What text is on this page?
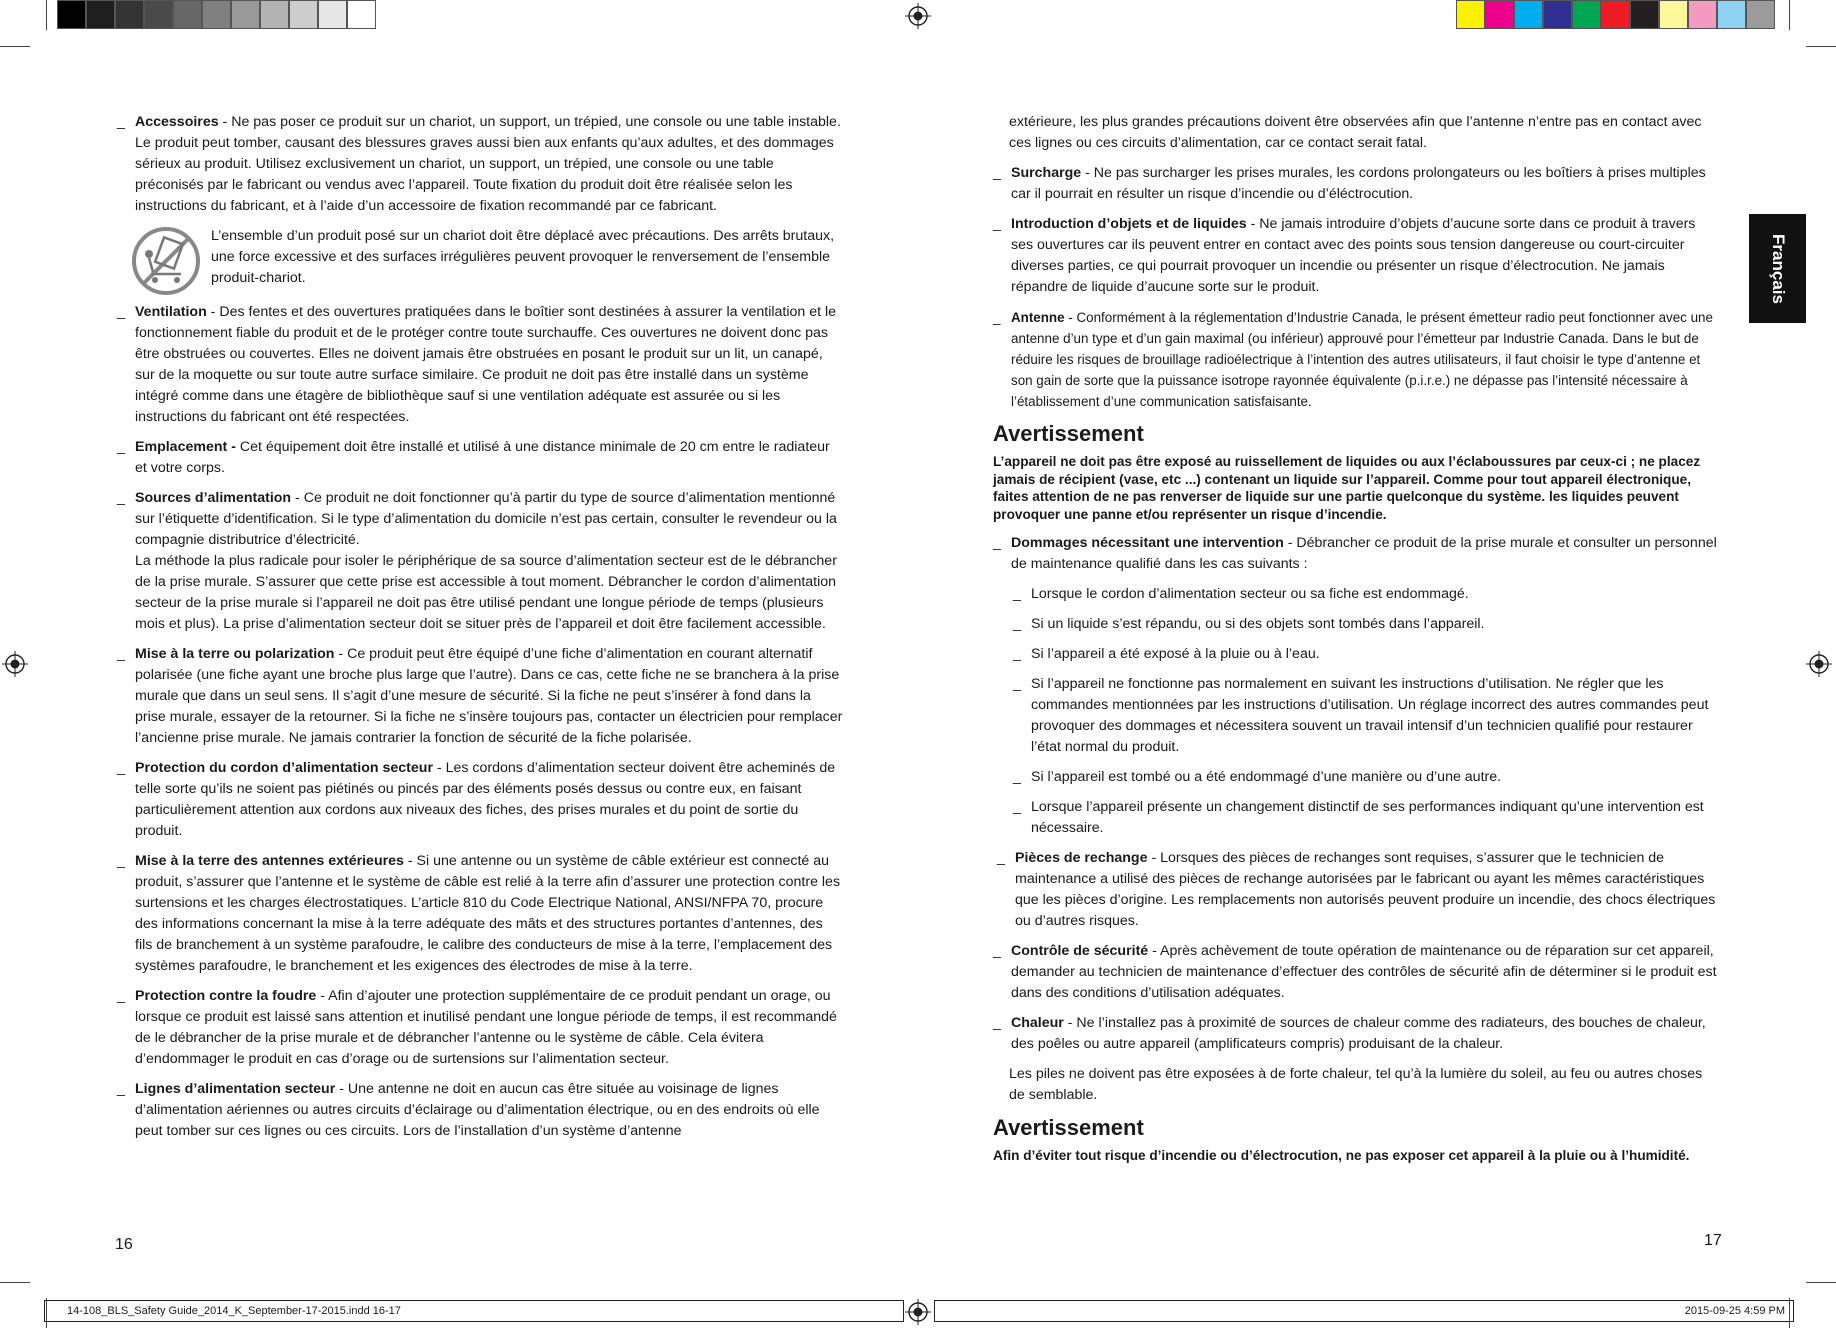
_ Accessoires - Ne pas poser ce produit sur un chariot, un support, un trépied, une console ou une table instable. Le produit peut tomber, causant des blessures graves aussi bien aux enfants qu’aux adultes, et des dommages sérieux au produit. Utilisez exclusivement un chariot, un support, un trépied, une console ou une table préconisés par le fabricant ou vendus avec l’appareil. Toute fixation du produit doit être réalisée selon les instructions du fabricant, et à l’aide d’un accessoire de fixation recommandé par ce fabricant.

L’ensemble d’un produit posé sur un chariot doit être déplacé avec précautions. Des arrêts brutaux, une force excessive et des surfaces irrégulières peuvent provoquer le renversement de l’ensemble produit-chariot.

_ Ventilation - Des fentes et des ouvertures pratiquées dans le boîtier sont destinées à assurer la ventilation et le fonctionnement fiable du produit et de le protéger contre toute surchauffe. Ces ouvertures ne doivent donc pas être obstruées ou couvertes. Elles ne doivent jamais être obstruées en posant le produit sur un lit, un canapé, sur de la moquette ou sur toute autre surface similaire. Ce produit ne doit pas être installé dans un système intégré comme dans une étagère de bibliothèque sauf si une ventilation adéquate est assurée ou si les instructions du fabricant ont été respectées.

_ Emplacement - Cet équipement doit être installé et utilisé à une distance minimale de 20 cm entre le radiateur et votre corps.

_ Sources d’alimentation - Ce produit ne doit fonctionner qu’à partir du type de source d’alimentation mentionné sur l’étiquette d’identification. Si le type d’alimentation du domicile n’est pas certain, consulter le revendeur ou la compagnie distributrice d’électricité.

La méthode la plus radicale pour isoler le périphérique de sa source d’alimentation secteur est de le débrancher de la prise murale. S’assurer que cette prise est accessible à tout moment. Débrancher le cordon d’alimentation secteur de la prise murale si l’appareil ne doit pas être utilisé pendant une longue période de temps (plusieurs mois et plus). La prise d’alimentation secteur doit se situer près de l’appareil et doit être facilement accessible.

_ Mise à la terre ou polarization - Ce produit peut être équipé d’une fiche d’alimentation en courant alternatif polarisée (une fiche ayant une broche plus large que l’autre). Dans ce cas, cette fiche ne se branchera à la prise murale que dans un seul sens. Il s’agit d’une mesure de sécurité. Si la fiche ne peut s’insérer à fond dans la prise murale, essayer de la retourner. Si la fiche ne s’insère toujours pas, contacter un électricien pour remplacer l’ancienne prise murale. Ne jamais contrarier la fonction de sécurité de la fiche polarisée.

_ Protection du cordon d’alimentation secteur - Les cordons d’alimentation secteur doivent être acheminés de telle sorte qu’ils ne soient pas piétinés ou pincés par des éléments posés dessus ou contre eux, en faisant particulièrement attention aux cordons aux niveaux des fiches, des prises murales et du point de sortie du produit.

_ Mise à la terre des antennes extérieures - Si une antenne ou un système de câble extérieur est connecté au produit, s’assurer que l’antenne et le système de câble est relié à la terre afin d’assurer une protection contre les surtensions et les charges électrostatiques. L’article 810 du Code Electrique National, ANSI/NFPA 70, procure des informations concernant la mise à la terre adéquate des mâts et des structures portantes d’antennes, des fils de branchement à un système parafoudre, le calibre des conducteurs de mise à la terre, l’emplacement des systèmes parafoudre, le branchement et les exigences des électrodes de mise à la terre.

_ Protection contre la foudre - Afin d’ajouter une protection supplémentaire de ce produit pendant un orage, ou lorsque ce produit est laissé sans attention et inutilisé pendant une longue période de temps, il est recommandé de le débrancher de la prise murale et de débrancher l’antenne ou le système de câble. Cela évitera d’endommager le produit en cas d’orage ou de surtensions sur l’alimentation secteur.

_ Lignes d’alimentation secteur - Une antenne ne doit en aucun cas être située au voisinage de lignes d’alimentation aériennes ou autres circuits d’éclairage ou d’alimentation électrique, ou en des endroits où elle peut tomber sur ces lignes ou ces circuits. Lors de l’installation d’un système d’antenne

16

extérieure, les plus grandes précautions doivent être observées afin que l’antenne n’entre pas en contact avec ces lignes ou ces circuits d’alimentation, car ce contact serait fatal.

_ Surcharge - Ne pas surcharger les prises murales, les cordons prolongateurs ou les boîtiers à prises multiples car il pourrait en résulter un risque d’incendie ou d’éléctrocution.

_ Introduction d’objets et de liquides - Ne jamais introduire d’objets d’aucune sorte dans ce produit à travers ses ouvertures car ils peuvent entrer en contact avec des points sous tension dangereuse ou court-circuiter diverses parties, ce qui pourrait provoquer un incendie ou présenter un risque d’électrocution. Ne jamais répandre de liquide d’aucune sorte sur le produit.

_ Antenne - Conformément à la réglementation d’Industrie Canada, le présent émetteur radio peut fonctionner avec une antenne d’un type et d’un gain maximal (ou inférieur) approuvé pour l’émetteur par Industrie Canada. Dans le but de réduire les risques de brouillage radioélectrique à l’intention des autres utilisateurs, il faut choisir le type d’antenne et son gain de sorte que la puissance isotrope rayonnée équivalente (p.i.r.e.) ne dépasse pas l’intensité nécessaire à l’établissement d’une communication satisfaisante.

Avertissement

L’appareil ne doit pas être exposé au ruissellement de liquides ou aux l’éclaboussures par ceux-ci ; ne placez jamais de récipient (vase, etc ...) contenant un liquide sur l’appareil. Comme pour tout appareil électronique, faites attention de ne pas renverser de liquide sur une partie quelconque du système. les liquides peuvent provoquer une panne et/ou représenter un risque d’incendie.

_ Dommages nécessitant une intervention - Débrancher ce produit de la prise murale et consulter un personnel de maintenance qualifié dans les cas suivants :

_ Lorsque le cordon d’alimentation secteur ou sa fiche est endommagé.

_ Si un liquide s’est répandu, ou si des objets sont tombés dans l’appareil.

_ Si l’appareil a été exposé à la pluie ou à l’eau.

_ Si l’appareil ne fonctionne pas normalement en suivant les instructions d’utilisation. Ne régler que les commandes mentionnées par les instructions d’utilisation. Un réglage incorrect des autres commandes peut provoquer des dommages et nécessitera souvent un travail intensif d’un technicien qualifié pour restaurer l’état normal du produit.

_ Si l’appareil est tombé ou a été endommagé d’une manière ou d’une autre.

_ Lorsque l’appareil présente un changement distinctif de ses performances indiquant qu’une intervention est nécessaire.

_ Pièces de rechange - Lorsques des pièces de rechanges sont requises, s’assurer que le technicien de maintenance a utilisé des pièces de rechange autorisées par le fabricant ou ayant les mêmes caractéristiques que les pièces d’origine. Les remplacements non autorisés peuvent produire un incendie, des chocs électriques ou d’autres risques.

_ Contrôle de sécurité - Après achèvement de toute opération de maintenance ou de réparation sur cet appareil, demander au technicien de maintenance d’effectuer des contrôles de sécurité afin de déterminer si le produit est dans des conditions d’utilisation adéquates.

_ Chaleur - Ne l’installez pas à proximité de sources de chaleur comme des radiateurs, des bouches de chaleur, des poêles ou autre appareil (amplificateurs compris) produisant de la chaleur.

Les piles ne doivent pas être exposées à de forte chaleur, tel qu’à la lumière du soleil, au feu ou autres choses de semblable.

Avertissement

Afin d’éviter tout risque d’incendie ou d’électrocution, ne pas exposer cet appareil à la pluie ou à l’humidité.

17
Français
14-108_BLS_Safety Guide_2014_K_September-17-2015.indd 16-17	2015-09-25 4:59 PM
